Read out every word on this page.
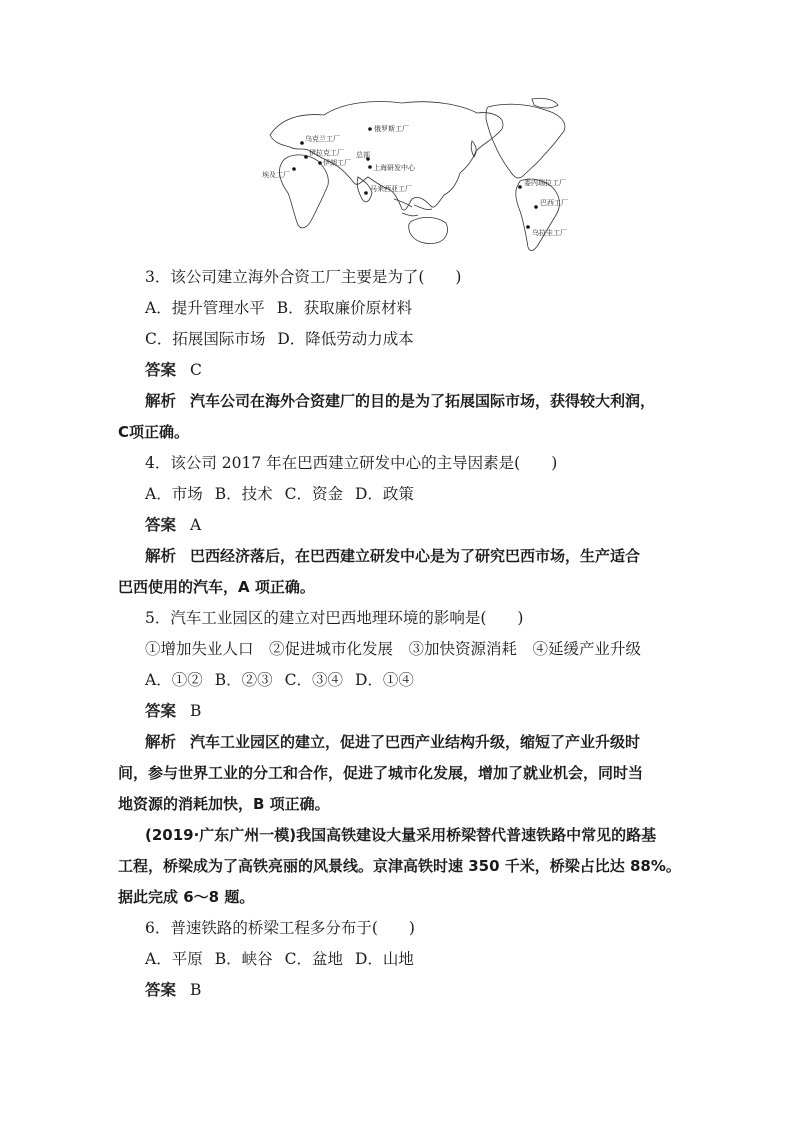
俄罗斯工厂
乌克兰工厂
伊拉克工厂
伊朗工厂
总部
上海研发中心
埃及工厂
马来西亚工厂
委内瑞拉工厂
巴西工厂
乌拉圭工厂
3．该公司建立海外合资工厂主要是为了(　　)
A．提升管理水平 B．获取廉价原材料
C．拓展国际市场 D．降低劳动力成本
答案 C
解析 汽车公司在海外合资建厂的目的是为了拓展国际市场，获得较大利润，
C项正确。
4．该公司 2017 年在巴西建立研发中心的主导因素是(　　)
A．市场 B．技术 C．资金 D．政策
答案 A
解析 巴西经济落后，在巴西建立研发中心是为了研究巴西市场，生产适合
巴西使用的汽车，A 项正确。
5．汽车工业园区的建立对巴西地理环境的影响是(　　)
①增加失业人口　②促进城市化发展　③加快资源消耗　④延缓产业升级
A．①② B．②③ C．③④ D．①④
答案 B
解析 汽车工业园区的建立，促进了巴西产业结构升级，缩短了产业升级时
间，参与世界工业的分工和合作，促进了城市化发展，增加了就业机会，同时当
地资源的消耗加快，B 项正确。
(2019·广东广州一模)我国高铁建设大量采用桥梁替代普速铁路中常见的路基
工程，桥梁成为了高铁亮丽的风景线。京津高铁时速 350 千米，桥梁占比达 88%。
据此完成 6～8 题。
6．普速铁路的桥梁工程多分布于(　　)
A．平原 B．峡谷 C．盆地 D．山地
答案 B
